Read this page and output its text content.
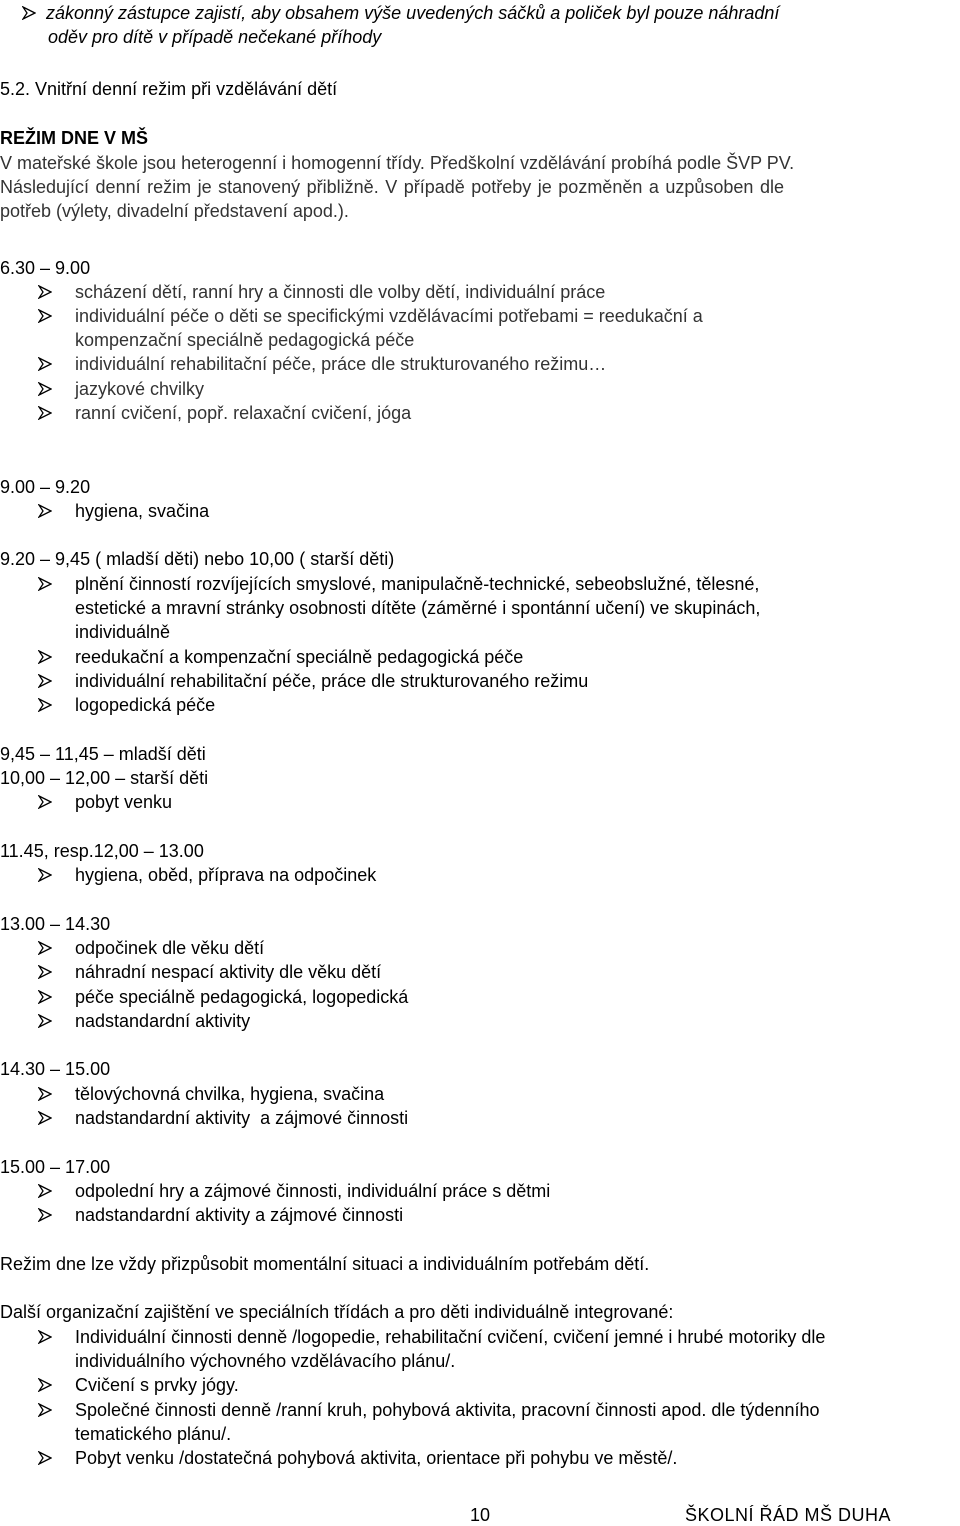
zákonný zástupce zajistí, aby obsahem výše uvedených sáčků a poliček byl pouze náhradní
oděv pro dítě v případě nečekané příhody
5.2. Vnitřní denní režim při vzdělávání dětí
REŽIM DNE V MŠ
V mateřské škole jsou heterogenní i homogenní třídy. Předškolní vzdělávání probíhá podle ŠVP PV.
Následující denní režim je stanovený přibližně. V případě potřeby je pozměněn a uzpůsoben dle
potřeb (výlety, divadelní představení apod.).
6.30 – 9.00
scházení dětí, ranní hry a činnosti dle volby dětí, individuální práce
individuální péče o děti se specifickými vzdělávacími potřebami = reedukační a
kompenzační speciálně pedagogická péče
individuální rehabilitační péče, práce dle strukturovaného režimu…
jazykové chvilky
ranní cvičení, popř. relaxační cvičení, jóga
9.00 – 9.20
hygiena, svačina
9.20 – 9,45 ( mladší děti) nebo 10,00 ( starší děti)
plnění činností rozvíjejících smyslové, manipulačně-technické, sebeobslužné, tělesné,
estetické a mravní stránky osobnosti dítěte (záměrné i spontánní učení) ve skupinách,
individuálně
reedukační a kompenzační speciálně pedagogická péče
individuální rehabilitační péče, práce dle strukturovaného režimu
logopedická péče
9,45 – 11,45 – mladší děti
10,00 – 12,00 – starší děti
pobyt venku
11.45, resp.12,00 – 13.00
hygiena, oběd, příprava na odpočinek
13.00 – 14.30
odpočinek dle věku dětí
náhradní nespací aktivity dle věku dětí
péče speciálně pedagogická, logopedická
nadstandardní aktivity
14.30 – 15.00
tělovýchovná chvilka, hygiena, svačina
nadstandardní aktivity  a zájmové činnosti
15.00 – 17.00
odpolední hry a zájmové činnosti, individuální práce s dětmi
nadstandardní aktivity a zájmové činnosti
Režim dne lze vždy přizpůsobit momentální situaci a individuálním potřebám dětí.
Další organizační zajištění ve speciálních třídách a pro děti individuálně integrované:
Individuální činnosti denně /logopedie, rehabilitační cvičení, cvičení jemné i hrubé motoriky dle
individuálního výchovného vzdělávacího plánu/.
Cvičení s prvky jógy.
Společné činnosti denně /ranní kruh, pohybová aktivita, pracovní činnosti apod. dle týdenního
tematického plánu/.
Pobyt venku /dostatečná pohybová aktivita, orientace při pohybu ve městě/.
10	ŠKOLNÍ ŘÁD MŠ DUHA
